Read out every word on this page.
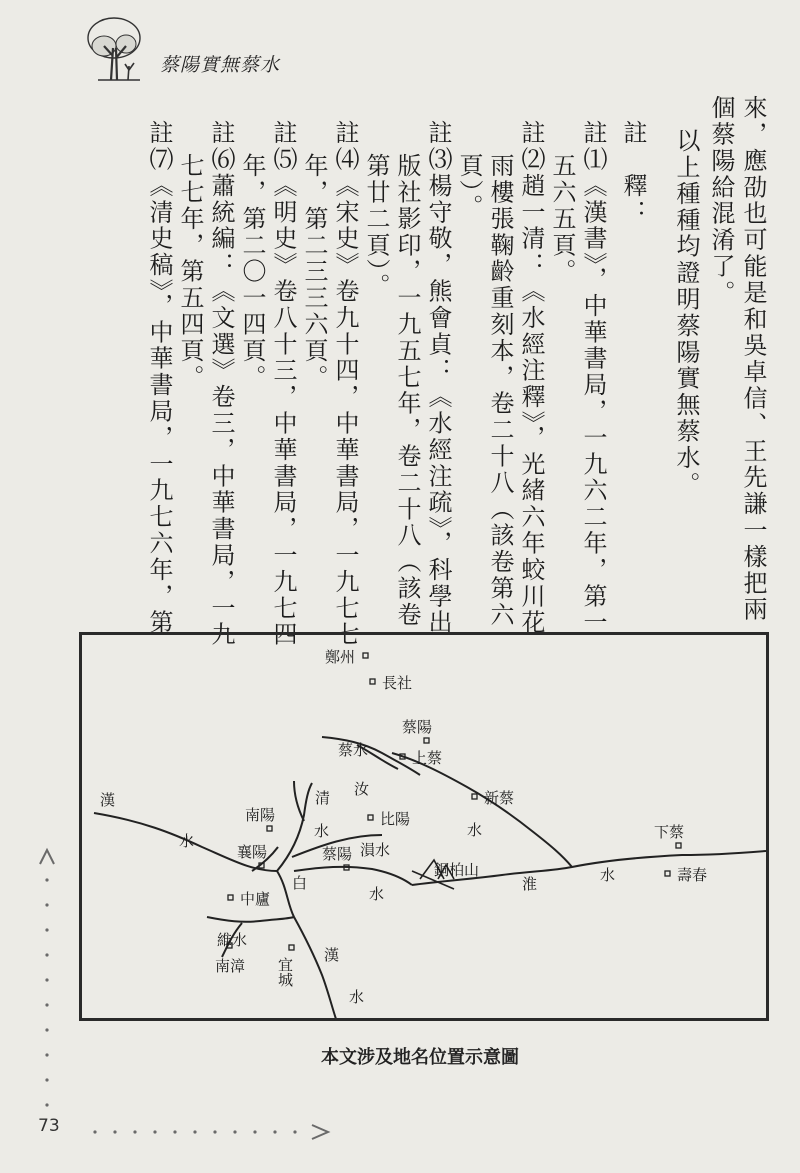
蔡陽實無蔡水
來，應劭也可能是和吳卓信、王先謙一樣把兩
個蔡陽給混淆了。
以上種種均證明蔡陽實無蔡水。
註　釋：
註⑴《漢書》，中華書局，一九六二年，第一
五六五頁。
註⑵趙一清：《水經注釋》，光緒六年蛟川花
雨樓張鞠齡重刻本，卷二十八（該卷第六
頁）。
註⑶楊守敬，熊會貞：《水經注疏》，科學出
版社影印，一九五七年，卷二十八（該卷
第廿二頁）。
註⑷《宋史》卷九十四，中華書局，一九七七
年，第二三三六頁。
註⑸《明史》卷八十三，中華書局，一九七四
年，第二〇一四頁。
註⑹蕭統編：《文選》卷三，中華書局，一九
七七年，第五四頁。
註⑺《清史稿》，中華書局，一九七六年，第
鄭州
長社
蔡陽
上蔡
新蔡
下蔡
壽春
南陽	比陽
襄陽	蔡陽
中廬
南漳 宜城
銅柏山
漢
水
蔡水
汝
清
水	水
溳水
白
水
淮	水
維水
漢
水
本文涉及地名位置示意圖
73
